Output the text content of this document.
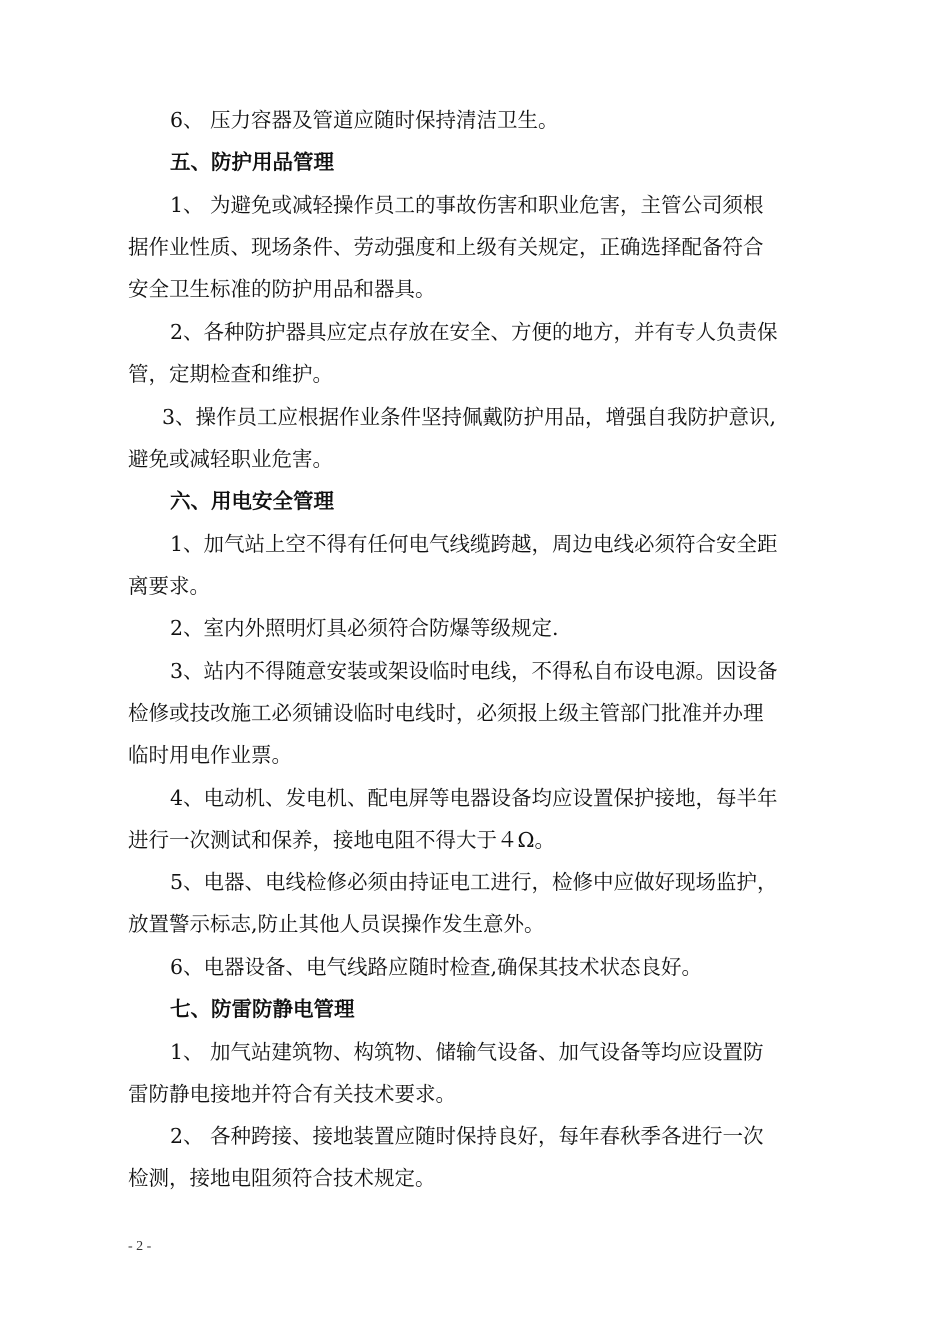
6、 压力容器及管道应随时保持清洁卫生。
五、防护用品管理
1、 为避免或减轻操作员工的事故伤害和职业危害，主管公司须根
据作业性质、现场条件、劳动强度和上级有关规定，正确选择配备符合
安全卫生标准的防护用品和器具。
2、各种防护器具应定点存放在安全、方便的地方，并有专人负责保
管，定期检查和维护。
3、操作员工应根据作业条件坚持佩戴防护用品，增强自我防护意识,
避免或减轻职业危害。
六、用电安全管理
1、加气站上空不得有任何电气线缆跨越，周边电线必须符合安全距
离要求。
2、室内外照明灯具必须符合防爆等级规定.
3、站内不得随意安装或架设临时电线，不得私自布设电源。因设备
检修或技改施工必须铺设临时电线时，必须报上级主管部门批准并办理
临时用电作业票。
4、电动机、发电机、配电屏等电器设备均应设置保护接地，每半年
进行一次测试和保养，接地电阻不得大于４Ω。
5、电器、电线检修必须由持证电工进行，检修中应做好现场监护，
放置警示标志,防止其他人员误操作发生意外。
6、电器设备、电气线路应随时检查,确保其技术状态良好。
七、防雷防静电管理
1、 加气站建筑物、构筑物、储输气设备、加气设备等均应设置防
雷防静电接地并符合有关技术要求。
2、 各种跨接、接地装置应随时保持良好，每年春秋季各进行一次
检测，接地电阻须符合技术规定。
- 2 -
